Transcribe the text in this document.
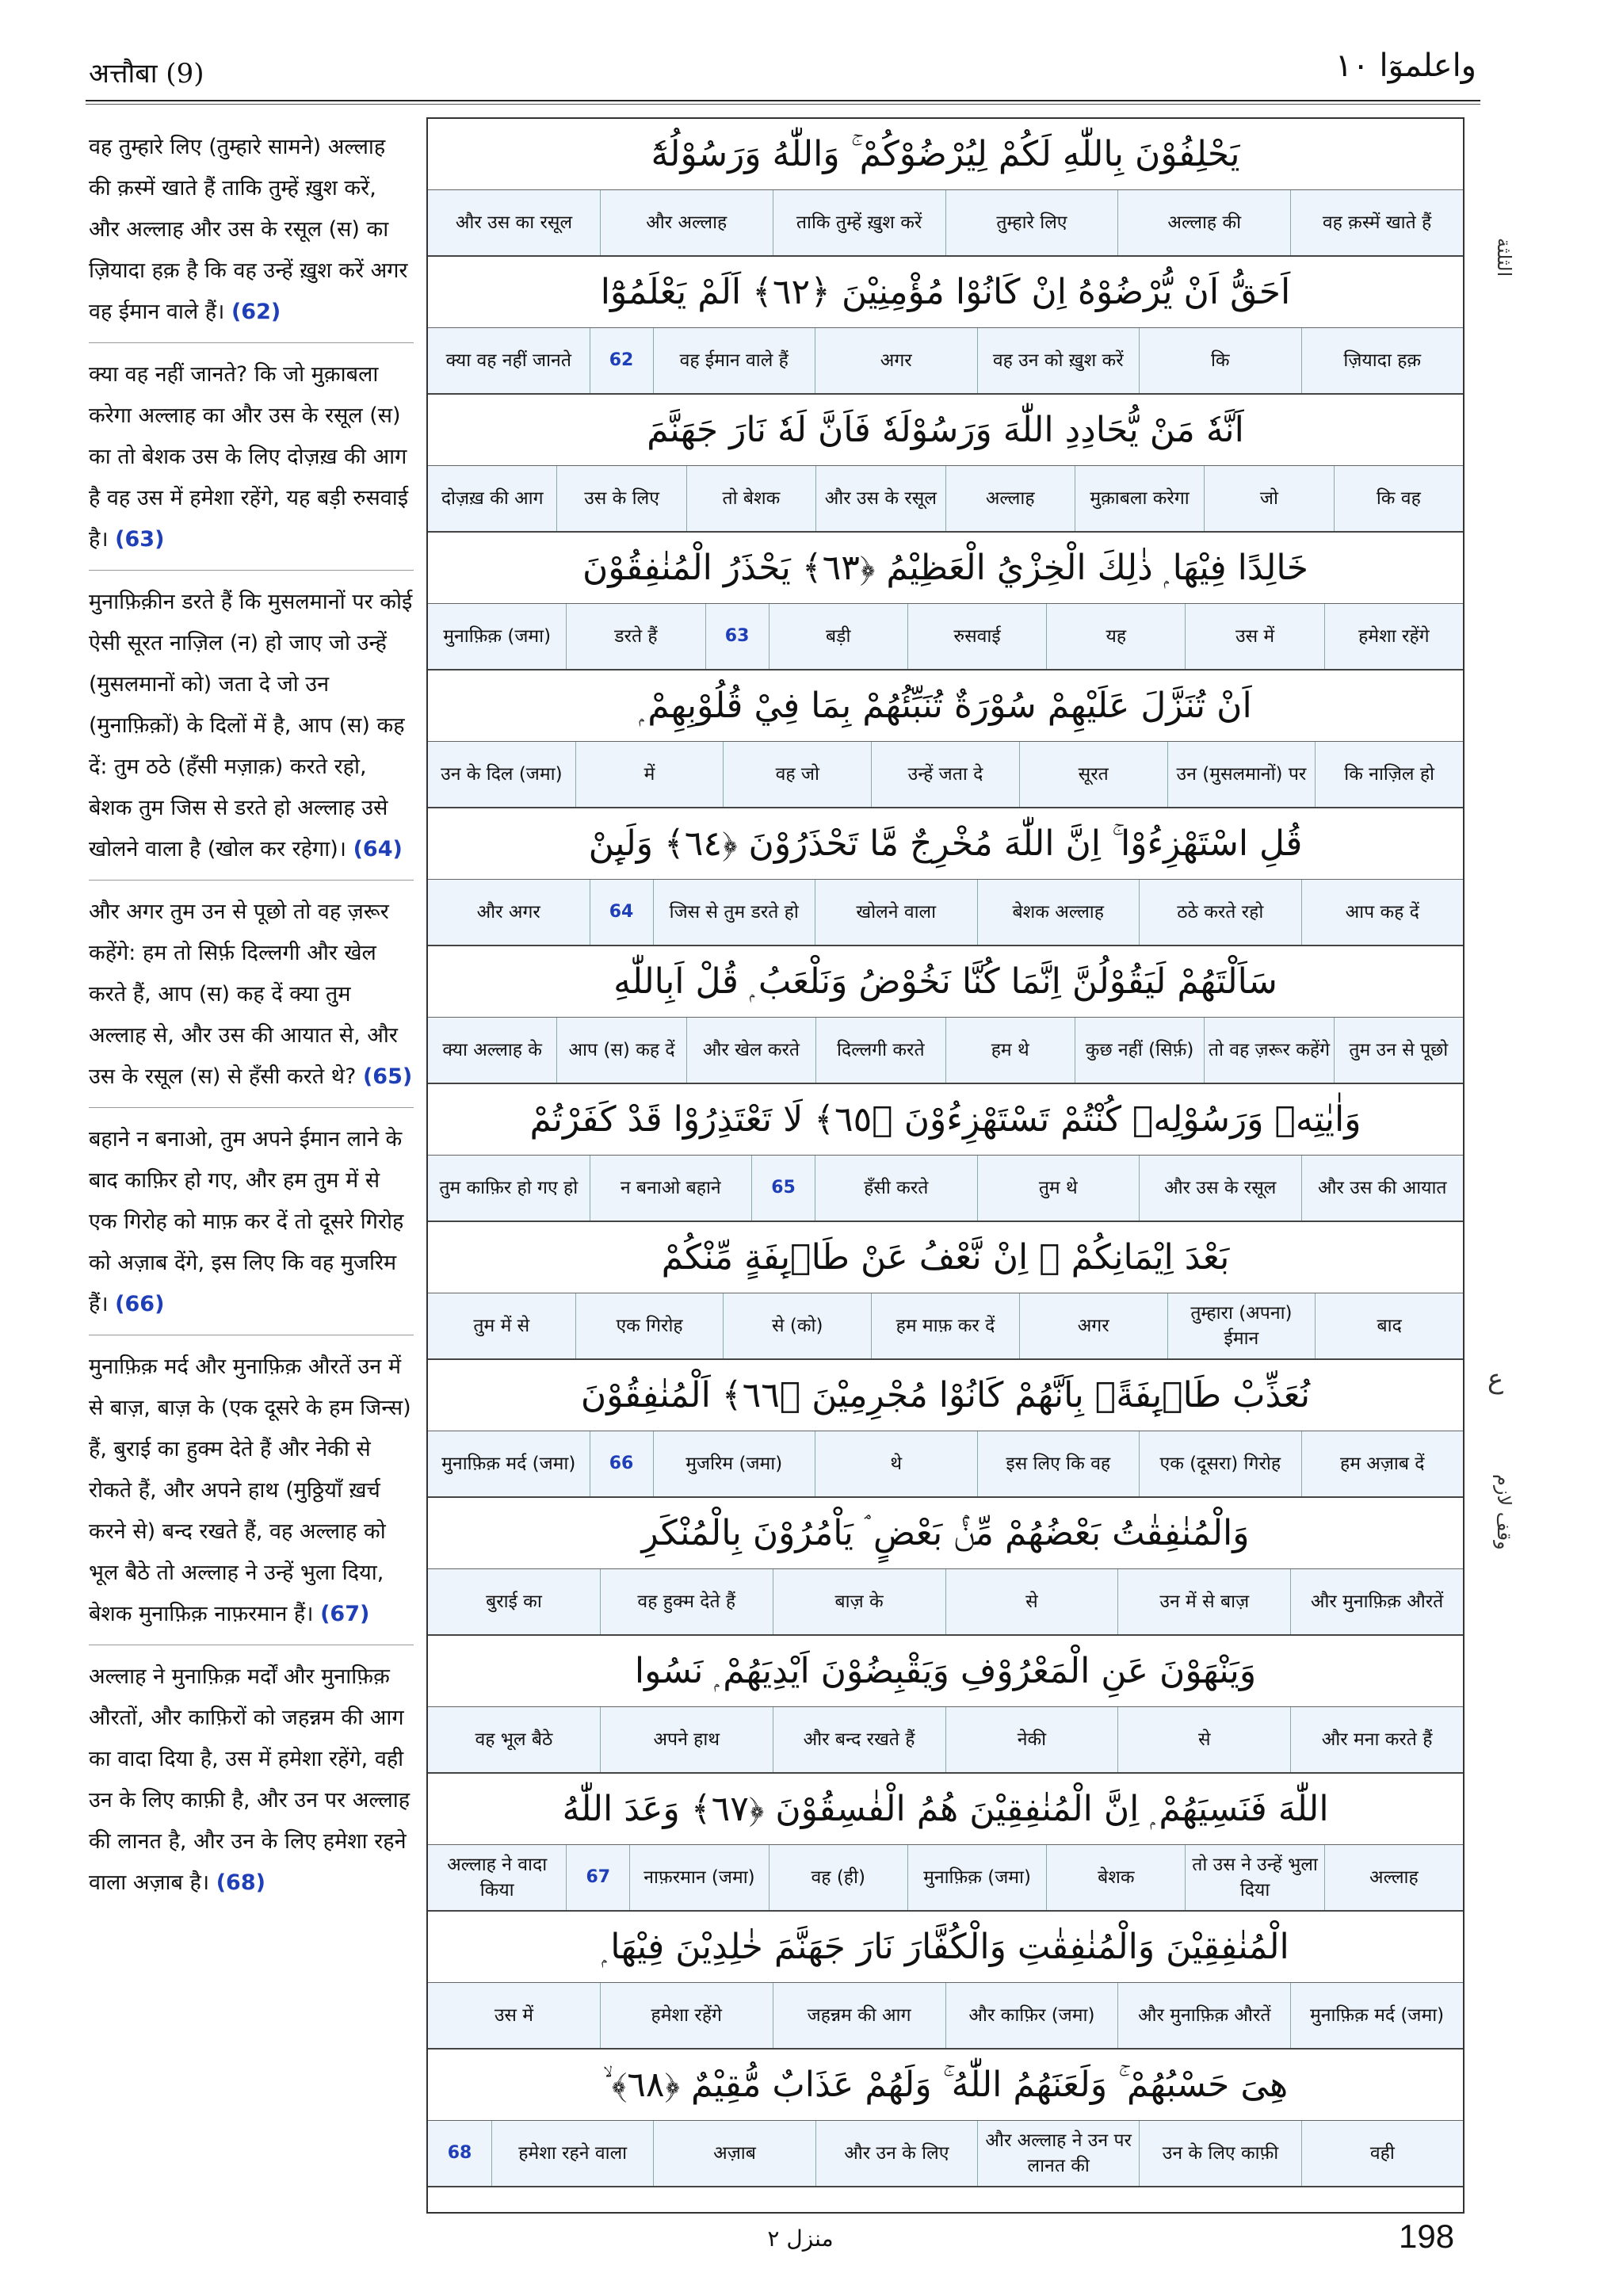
अत्तौबा (9)	واعلموٓا ١٠
वह तुम्हारे लिए (तुम्हारे सामने) अल्लाह की क़स्में खाते हैं ताकि तुम्हें ख़ुश करें, और अल्लाह और उस के रसूल (स) का ज़ियादा हक़ है कि वह उन्हें ख़ुश करें अगर वह ईमान वाले हैं। (62)
क्या वह नहीं जानते? कि जो मुक़ाबला करेगा अल्लाह का और उस के रसूल (स) का तो बेशक उस के लिए दोज़ख़ की आग है वह उस में हमेशा रहेंगे, यह बड़ी रुसवाई है। (63)
मुनाफ़िक़ीन डरते हैं कि मुसलमानों पर कोई ऐसी सूरत नाज़िल (न) हो जाए जो उन्हें (मुसलमानों को) जता दे जो उन (मुनाफ़िक़ों) के दिलों में है, आप (स) कह दें: तुम ठठे (हँसी मज़ाक़) करते रहो, बेशक तुम जिस से डरते हो अल्लाह उसे खोलने वाला है (खोल कर रहेगा)। (64)
और अगर तुम उन से पूछो तो वह ज़रूर कहेंगे: हम तो सिर्फ़ दिल्लगी और खेल करते हैं, आप (स) कह दें क्या तुम अल्लाह से, और उस की आयात से, और उस के रसूल (स) से हँसी करते थे? (65)
बहाने न बनाओ, तुम अपने ईमान लाने के बाद काफ़िर हो गए, और हम तुम में से एक गिरोह को माफ़ कर दें तो दूसरे गिरोह को अज़ाब देंगे, इस लिए कि वह मुजरिम हैं। (66)
मुनाफ़िक़ मर्द और मुनाफ़िक़ औरतें उन में से बाज़, बाज़ के (एक दूसरे के हम जिन्स) हैं, बुराई का हुक्म देते हैं और नेकी से रोकते हैं, और अपने हाथ (मुठ्ठियाँ ख़र्च करने से) बन्द रखते हैं, वह अल्लाह को भूल बैठे तो अल्लाह ने उन्हें भुला दिया, बेशक मुनाफ़िक़ नाफ़रमान हैं। (67)
अल्लाह ने मुनाफ़िक़ मर्दों और मुनाफ़िक़ औरतों, और काफ़िरों को जहन्नम की आग का वादा दिया है, उस में हमेशा रहेंगे, वही उन के लिए काफ़ी है, और उन पर अल्लाह की लानत है, और उन के लिए हमेशा रहने वाला अज़ाब है। (68)
يَحْلِفُوْنَ بِاللّٰهِ لَكُمْ لِيُرْضُوْكُمْ ۚ وَاللّٰهُ وَرَسُوْلُهٗٓ
वह क़स्में खाते हैं
अल्लाह की
तुम्हारे लिए
ताकि तुम्हें ख़ुश करें
और अल्लाह
और उस का रसूल
اَحَقُّ اَنْ يُّرْضُوْهُ اِنْ كَانُوْا مُؤْمِنِيْنَ ﴿٦٢﴾ اَلَمْ يَعْلَمُوْٓا
ज़ियादा हक़
कि
वह उन को ख़ुश करें
अगर
वह ईमान वाले हैं
62
क्या वह नहीं जानते
اَنَّهٗ مَنْ يُّحَادِدِ اللّٰهَ وَرَسُوْلَهٗ فَاَنَّ لَهٗ نَارَ جَهَنَّمَ
कि वह
जो
मुक़ाबला करेगा
अल्लाह
और उस के रसूल
तो बेशक
उस के लिए
दोज़ख़ की आग
خَالِدًا فِيْهَا ۭ ذٰلِكَ الْخِزْيُ الْعَظِيْمُ ﴿٦٣﴾ يَحْذَرُ الْمُنٰفِقُوْنَ
हमेशा रहेंगे
उस में
यह
रुसवाई
बड़ी
63
डरते हैं
मुनाफ़िक़ (जमा)
اَنْ تُنَزَّلَ عَلَيْهِمْ سُوْرَةٌ تُنَبِّئُهُمْ بِمَا فِيْ قُلُوْبِهِمْ ۭ
कि नाज़िल हो
उन (मुसलमानों) पर
सूरत
उन्हें जता दे
वह जो
में
उन के दिल (जमा)
قُلِ اسْتَهْزِءُوْا ۚ اِنَّ اللّٰهَ مُخْرِجٌ مَّا تَحْذَرُوْنَ ﴿٦٤﴾ وَلَىِٕنْ
आप कह दें
ठठे करते रहो
बेशक अल्लाह
खोलने वाला
जिस से तुम डरते हो
64
और अगर
سَاَلْتَهُمْ لَيَقُوْلُنَّ اِنَّمَا كُنَّا نَخُوْضُ وَنَلْعَبُ ۭ قُلْ اَبِاللّٰهِ
तुम उन से पूछो
तो वह ज़रूर कहेंगे
कुछ नहीं (सिर्फ़)
हम थे
दिल्लगी करते
और खेल करते
आप (स) कह दें
क्या अल्लाह के
وَاٰيٰتِهٖ وَرَسُوْلِهٖ كُنْتُمْ تَسْتَهْزِءُوْنَ ﴿٦٥﴾ لَا تَعْتَذِرُوْا قَدْ كَفَرْتُمْ
और उस की आयात
और उस के रसूल
तुम थे
हँसी करते
65
न बनाओ बहाने
तुम काफ़िर हो गए हो
بَعْدَ اِيْمَانِكُمْ ۭ اِنْ نَّعْفُ عَنْ طَاۗىِٕفَةٍ مِّنْكُمْ
बाद
तुम्हारा (अपना) ईमान
अगर
हम माफ़ कर दें
से (को)
एक गिरोह
तुम में से
نُعَذِّبْ طَاۗىِٕفَةًۢ بِاَنَّهُمْ كَانُوْا مُجْرِمِيْنَ ﴿٦٦﴾ اَلْمُنٰفِقُوْنَ
हम अज़ाब दें
एक (दूसरा) गिरोह
इस लिए कि वह
थे
मुजरिम (जमा)
66
मुनाफ़िक़ मर्द (जमा)
وَالْمُنٰفِقٰتُ بَعْضُهُمْ مِّنْۢ بَعْضٍ ۘ يَاْمُرُوْنَ بِالْمُنْكَرِ
और मुनाफ़िक़ औरतें
उन में से बाज़
से
बाज़ के
वह हुक्म देते हैं
बुराई का
وَيَنْهَوْنَ عَنِ الْمَعْرُوْفِ وَيَقْبِضُوْنَ اَيْدِيَهُمْ ۭ نَسُوا
और मना करते हैं
से
नेकी
और बन्द रखते हैं
अपने हाथ
वह भूल बैठे
اللّٰهَ فَنَسِيَهُمْ ۭ اِنَّ الْمُنٰفِقِيْنَ هُمُ الْفٰسِقُوْنَ ﴿٦٧﴾ وَعَدَ اللّٰهُ
अल्लाह
तो उस ने उन्हें भुला दिया
बेशक
मुनाफ़िक़ (जमा)
वह (ही)
नाफ़रमान (जमा)
67
अल्लाह ने वादा किया
الْمُنٰفِقِيْنَ وَالْمُنٰفِقٰتِ وَالْكُفَّارَ نَارَ جَهَنَّمَ خٰلِدِيْنَ فِيْهَا ۭ
मुनाफ़िक़ मर्द (जमा)
और मुनाफ़िक़ औरतें
और काफ़िर (जमा)
जहन्नम की आग
हमेशा रहेंगे
उस में
هِىَ حَسْبُهُمْ ۚ وَلَعَنَهُمُ اللّٰهُ ۚ وَلَهُمْ عَذَابٌ مُّقِيْمٌ ﴿٦٨﴾ ۙ
वही
उन के लिए काफ़ी
और अल्लाह ने उन पर लानत की
और उन के लिए
अज़ाब
हमेशा रहने वाला
68
الثلثة
ع
وقف لازم
منزل ٢	198
